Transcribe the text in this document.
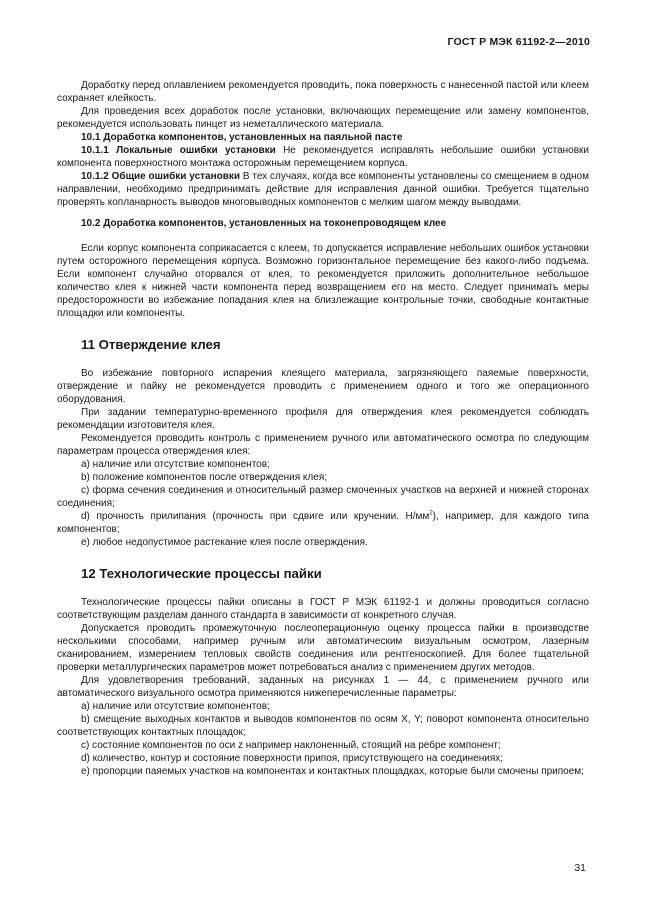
ГОСТ Р МЭК 61192-2—2010

Доработку перед оплавлением рекомендуется проводить, пока поверхность с нанесенной пастой или клеем сохраняет клейкость.

Для проведения всех доработок после установки, включающих перемещение или замену компонентов, рекомендуется использовать пинцет из неметаллического материала.

10.1 Доработка компонентов, установленных на паяльной пасте

10.1.1 Локальные ошибки установки Не рекомендуется исправлять небольшие ошибки установки компонента поверхностного монтажа осторожным перемещением корпуса.

10.1.2 Общие ошибки установки В тех случаях, когда все компоненты установлены со смещением в одном направлении, необходимо предпринимать действие для исправления данной ошибки. Требуется тщательно проверять копланарность выводов многовыводных компонентов с мелким шагом между выводами.

10.2 Доработка компонентов, установленных на токонепроводящем клее

Если корпус компонента соприкасается с клеем, то допускается исправление небольших ошибок установки путем осторожного перемещения корпуса. Возможно горизонтальное перемещение без какого-либо подъема. Если компонент случайно оторвался от клея, то рекомендуется приложить дополнительное небольшое количество клея к нижней части компонента перед возвращением его на место. Следует принимать меры предосторожности во избежание попадания клея на близлежащие контрольные точки, свободные контактные площадки или компоненты.

11 Отверждение клея

Во избежание повторного испарения клеящего материала, загрязняющего паяемые поверхности, отверждение и пайку не рекомендуется проводить с применением одного и того же операционного оборудования.

При задании температурно-временного профиля для отверждения клея рекомендуется соблюдать рекомендации изготовителя клея.

Рекомендуется проводить контроль с применением ручного или автоматического осмотра по следующим параметрам процесса отверждения клея:

a) наличие или отсутствие компонентов;

b) положение компонентов после отверждения клея;

c) форма сечения соединения и относительный размер смоченных участков на верхней и нижней сторонах соединения;

d) прочность прилипания (прочность при сдвиге или кручении. $Н/мм^2$), например, для каждого типа компонентов;

e) любое недопустимое растекание клея после отверждения.

12 Технологические процессы пайки

Технологические процессы пайки описаны в ГОСТ Р МЭК 61192-1 и должны проводиться согласно соответствующим разделам данного стандарта в зависимости от конкретного случая.

Допускается проводить промежуточную послеоперационную оценку процесса пайки в производстве несколькими способами, например ручным или автоматическим визуальным осмотром, лазерным сканированием, измерением тепловых свойств соединения или рентгеноскопией. Для более тщательной проверки металлургических параметров может потребоваться анализ с применением других методов.

Для удовлетворения требований, заданных на рисунках 1 — 44, с применением ручного или автоматического визуального осмотра применяются нижеперечисленные параметры:

a) наличие или отсутствие компонентов;

b) смещение выходных контактов и выводов компонентов по осям X, Y; поворот компонента относительно соответствующих контактных площадок;

c) состояние компонентов по оси z например наклоненный, стоящий на ребре компонент;

d) количество, контур и состояние поверхности припоя, присутствующего на соединениях;

e) пропорции паяемых участков на компонентах и контактных площадках, которые были смочены припоем;

31
